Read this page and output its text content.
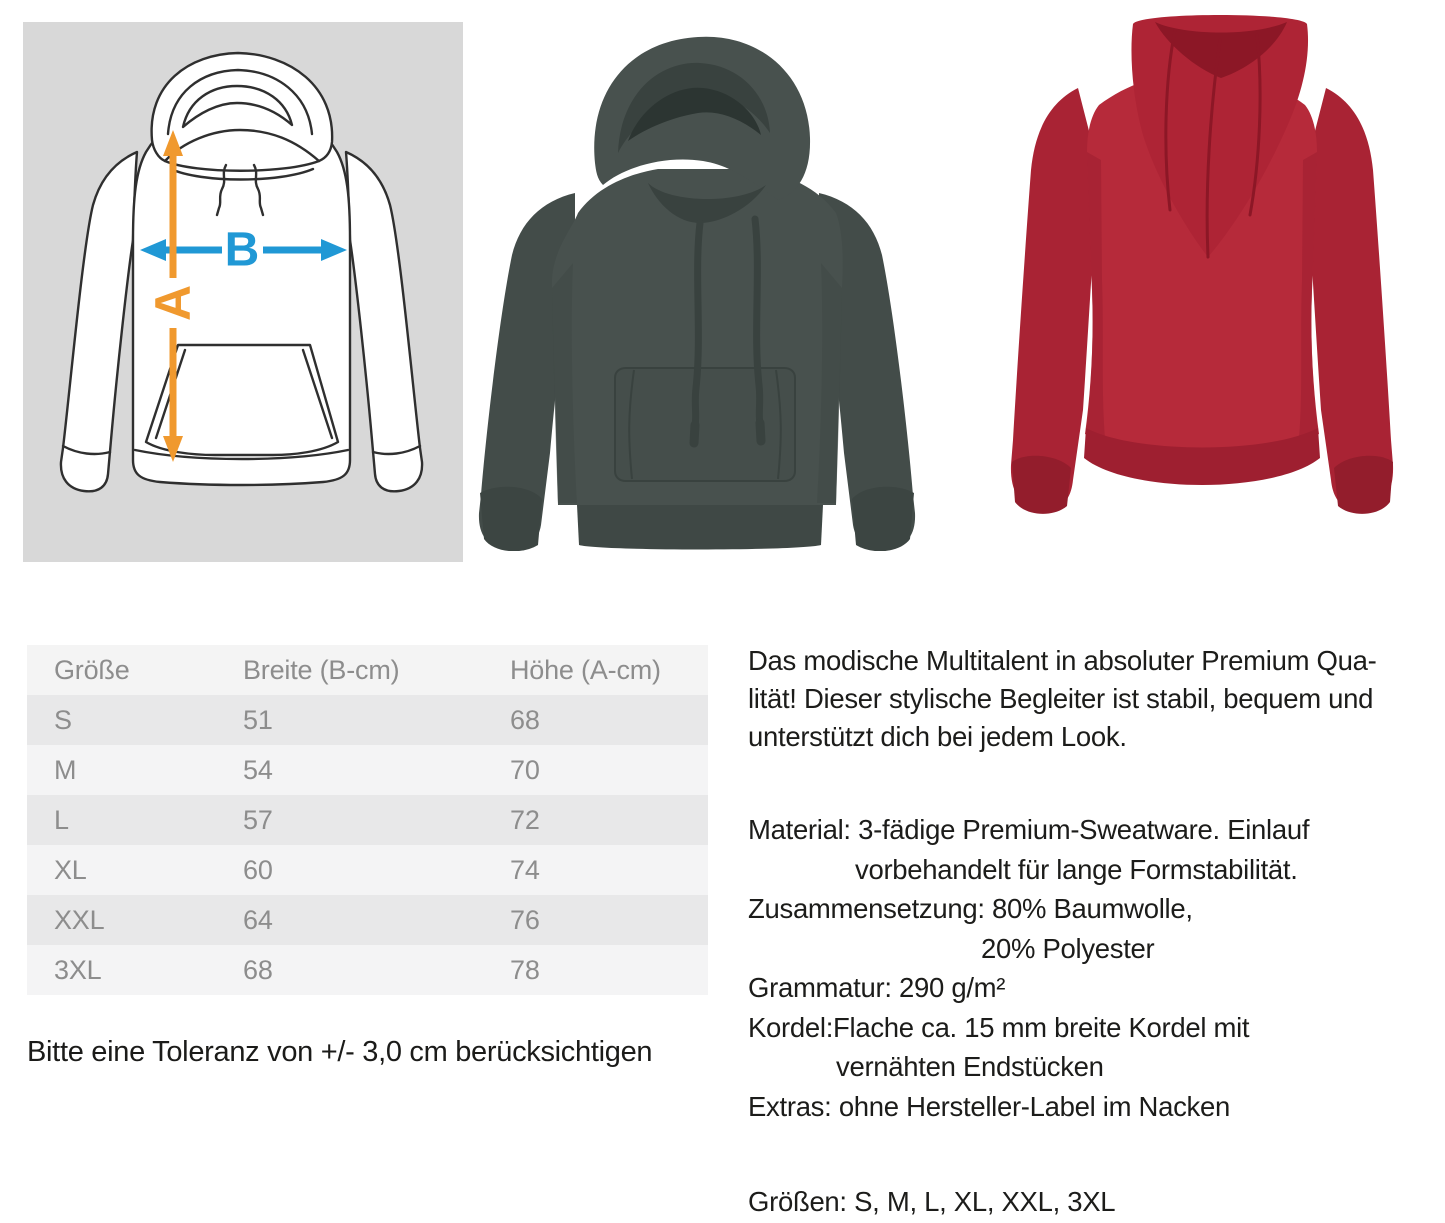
B
A
Größe	Breite (B-cm)	Höhe (A-cm)
S	51	68
M	54	70
L	57	72
XL	60	74
XXL	64	76
3XL	68	78
Bitte eine Toleranz von +/- 3,0 cm berücksichtigen
Das modische Multitalent in absoluter Premium Qua-
lität! Dieser stylische Begleiter ist stabil, bequem und
unterstützt dich bei jedem Look.
Material: 3-fädige Premium-Sweatware. Einlauf
vorbehandelt für lange Formstabilität.
Zusammensetzung: 80% Baumwolle,
20% Polyester
Grammatur: 290 g/m²
Kordel:Flache ca. 15 mm breite Kordel mit
vernähten Endstücken
Extras: ohne Hersteller-Label im Nacken
Größen: S, M, L, XL, XXL, 3XL
